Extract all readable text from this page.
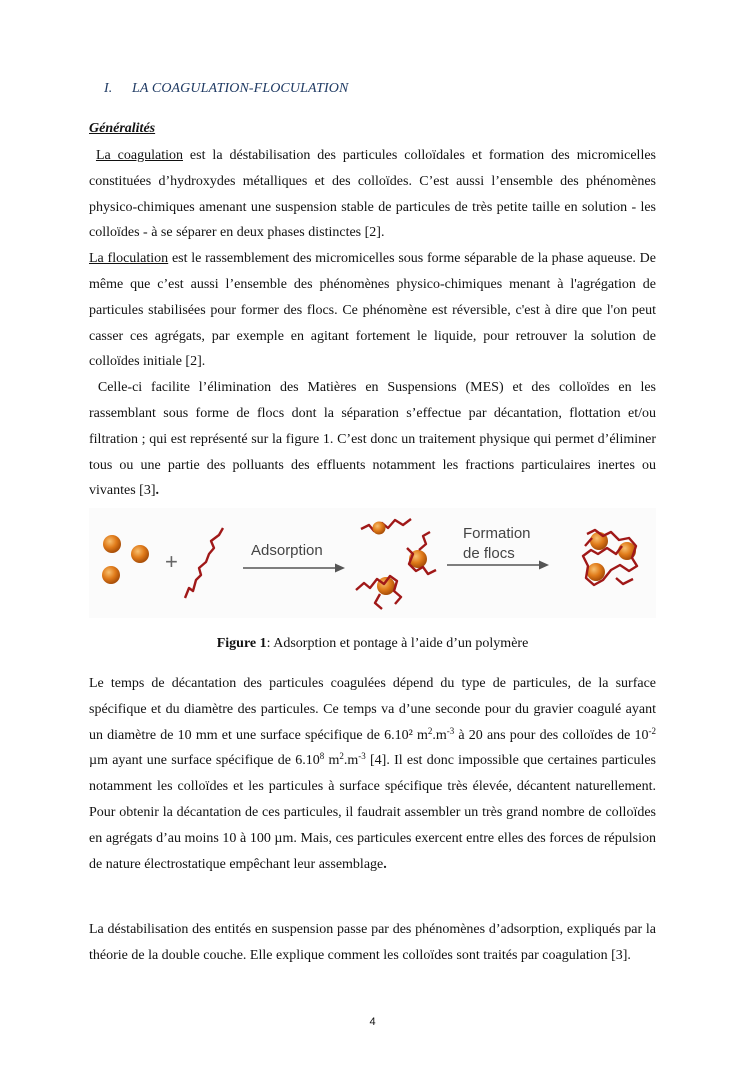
I. LA COAGULATION-FLOCULATION
Généralités

La coagulation est la déstabilisation des particules colloïdales et formation des micromicelles constituées d’hydroxydes métalliques et des colloïdes. C’est aussi l’ensemble des phénomènes physico-chimiques amenant une suspension stable de particules de très petite taille en solution - les colloïdes - à se séparer en deux phases distinctes [2].

La floculation est le rassemblement des micromicelles sous forme séparable de la phase aqueuse. De même que c’est aussi l’ensemble des phénomènes physico-chimiques menant à l'agrégation de particules stabilisées pour former des flocs. Ce phénomène est réversible, c'est à dire que l'on peut casser ces agrégats, par exemple en agitant fortement le liquide, pour retrouver la solution de colloïdes initiale [2].

Celle-ci facilite l’élimination des Matières en Suspensions (MES) et des colloïdes en les rassemblant sous forme de flocs dont la séparation s’effectue par décantation, flottation et/ou filtration ; qui est représenté sur la figure 1. C’est donc un traitement physique qui permet d’éliminer tous ou une partie des polluants des effluents notamment les fractions particulaires inertes ou vivantes [3].

+	Adsorption
Formation
de flocs
Figure 1: Adsorption et pontage à l’aide d’un polymère

Le temps de décantation des particules coagulées dépend du type de particules, de la surface spécifique et du diamètre des particules. Ce temps va d’une seconde pour du gravier coagulé ayant un diamètre de 10 mm et une surface spécifique de 6.10² $m^2.m^{-3}$ à 20 ans pour des colloïdes de $10^{-2}$ µm ayant une surface spécifique de 6.10$^8$ $m^2.m^{-3}$ [4]. Il est donc impossible que certaines particules notamment les colloïdes et les particules à surface spécifique très élevée, décantent naturellement. Pour obtenir la décantation de ces particules, il faudrait assembler un très grand nombre de colloïdes en agrégats d’au moins 10 à 100 µm. Mais, ces particules exercent entre elles des forces de répulsion de nature électrostatique empêchant leur assemblage.

La déstabilisation des entités en suspension passe par des phénomènes d’adsorption, expliqués par la théorie de la double couche. Elle explique comment les colloïdes sont traités par coagulation [3].

4
